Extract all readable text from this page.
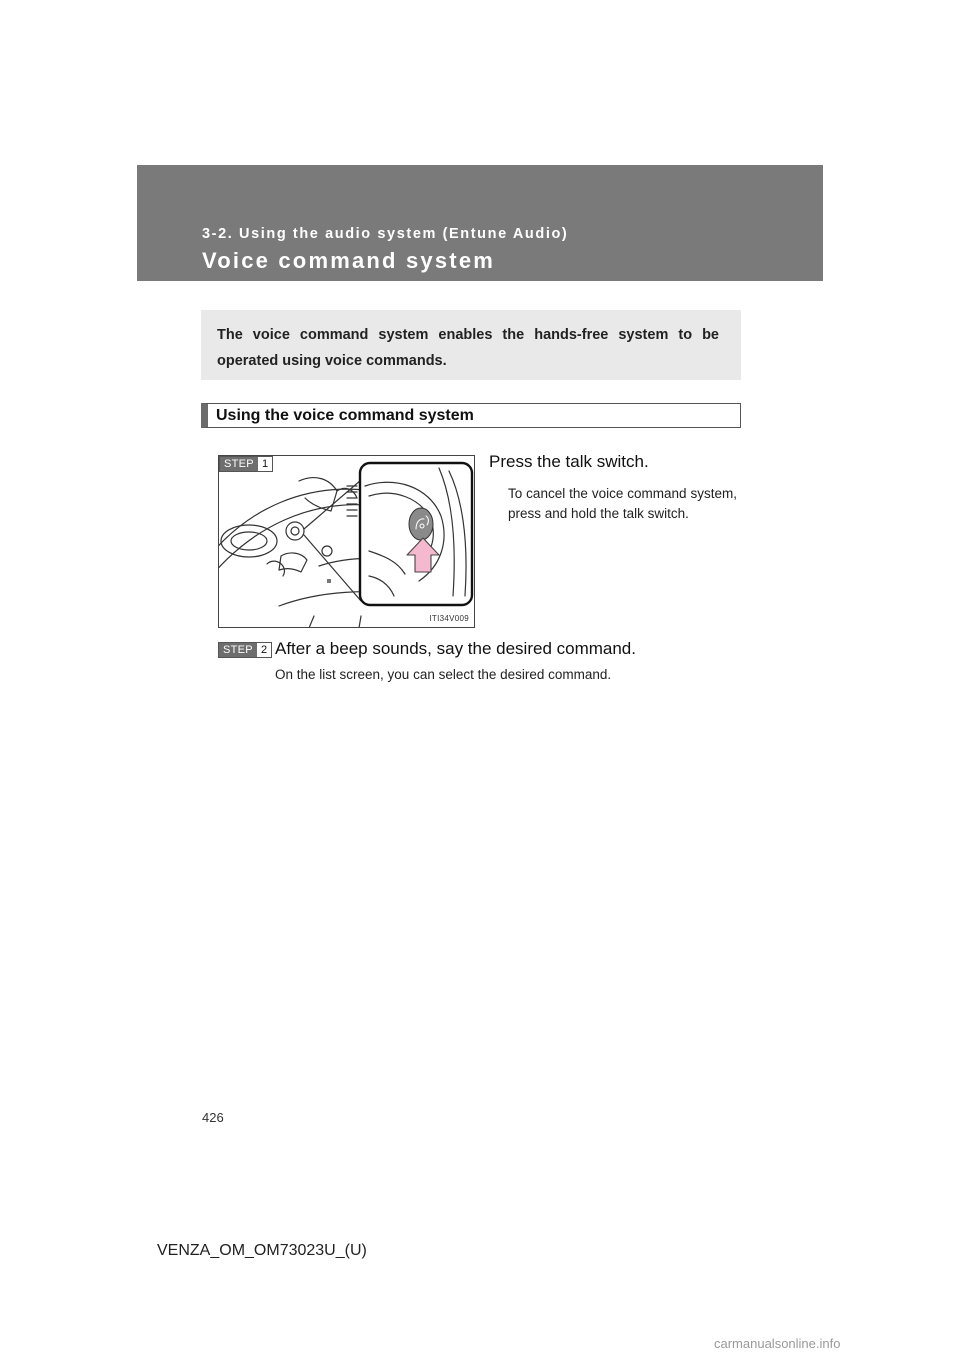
3-2. Using the audio system (Entune Audio)
Voice command system

The voice command system enables the hands-free system to be operated using voice commands.

Using the voice command system
STEP 1
ITI34V009
Press the talk switch.
To cancel the voice command system, press and hold the talk switch.
STEP 2 After a beep sounds, say the desired command.
On the list screen, you can select the desired command.
426
VENZA_OM_OM73023U_(U)
carmanualsonline.info
